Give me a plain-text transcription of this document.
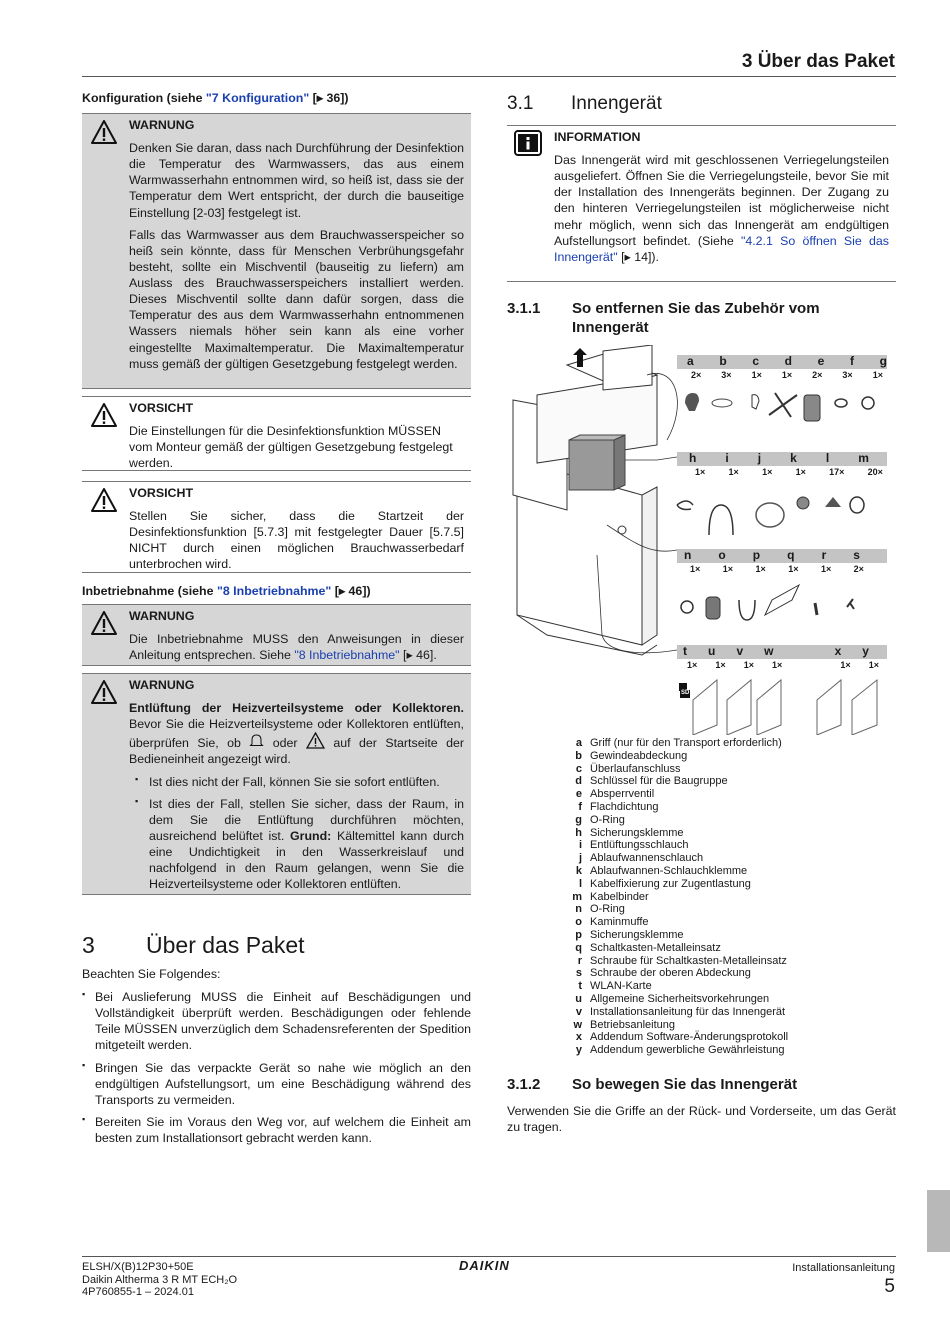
3 Über das Paket
Konfiguration (siehe "7 Konfiguration" [▸ 36])
WARNUNG

Denken Sie daran, dass nach Durchführung der Desinfektion die Temperatur des Warmwassers, das aus einem Warmwasserhahn entnommen wird, so heiß ist, dass sie der Temperatur dem Wert entspricht, der durch die bauseitige Einstellung [2-03] festgelegt ist.

Falls das Warmwasser aus dem Brauchwasserspeicher so heiß sein könnte, dass für Menschen Verbrühungsgefahr besteht, sollte ein Mischventil (bauseitig zu liefern) am Auslass des Brauchwasserspeichers installiert werden. Dieses Mischventil sollte dann dafür sorgen, dass die Temperatur des aus dem Warmwasserhahn entnommenen Wassers niemals höher sein kann als eine vorher eingestellte Maximaltemperatur. Die Maximaltemperatur muss gemäß der gültigen Gesetzgebung festgelegt werden.

VORSICHT

Die Einstellungen für die Desinfektionsfunktion MÜSSEN vom Monteur gemäß der gültigen Gesetzgebung festgelegt werden.

VORSICHT

Stellen Sie sicher, dass die Startzeit der Desinfektionsfunktion [5.7.3] mit festgelegter Dauer [5.7.5] NICHT durch einen möglichen Brauchwasserbedarf unterbrochen wird.

Inbetriebnahme (siehe "8 Inbetriebnahme" [▸ 46])
WARNUNG

Die Inbetriebnahme MUSS den Anweisungen in dieser Anleitung entsprechen. Siehe "8 Inbetriebnahme" [▸ 46].

WARNUNG

Entlüftung der Heizverteilsysteme oder Kollektoren. Bevor Sie die Heizverteilsysteme oder Kollektoren entlüften, überprüfen Sie, ob  oder  auf der Startseite der Bedieneinheit angezeigt wird.

▪ Ist dies nicht der Fall, können Sie sie sofort entlüften.
▪ Ist dies der Fall, stellen Sie sicher, dass der Raum, in dem Sie die Entlüftung durchführen möchten, ausreichend belüftet ist. Grund: Kältemittel kann durch eine Undichtigkeit in den Wasserkreislauf und nachfolgend in den Raum gelangen, wenn Sie die Heizverteilsysteme oder Kollektoren entlüften.
3 Über das Paket
Beachten Sie Folgendes:
▪ Bei Auslieferung MUSS die Einheit auf Beschädigungen und Vollständigkeit überprüft werden. Beschädigungen oder fehlende Teile MÜSSEN unverzüglich dem Schadensreferenten der Spedition mitgeteilt werden.
▪ Bringen Sie das verpackte Gerät so nahe wie möglich an den endgültigen Aufstellungsort, um eine Beschädigung während des Transports zu vermeiden.
▪ Bereiten Sie im Voraus den Weg vor, auf welchem die Einheit am besten zum Installationsort gebracht werden kann.
3.1 Innengerät
INFORMATION
Das Innengerät wird mit geschlossenen Verriegelungsteilen ausgeliefert. Öffnen Sie die Verriegelungsteile, bevor Sie mit der Installation des Innengeräts beginnen. Der Zugang zu den hinteren Verriegelungsteilen ist möglicherweise nicht mehr möglich, wenn sich das Innengerät am endgültigen Aufstellungsort befindet. (Siehe "4.2.1 So öffnen Sie das Innengerät" [▸ 14]).
3.1.1 So entfernen Sie das Zubehör vom Innengerät
a b c d e f g
2× 3× 1× 1× 2× 3× 1×
h i j k l m
1×	1×	1×	1×	17×	20×
n o p q r s
1× 1× 1× 1× 1× 2×
t u v w	x y
1× 1× 1× 1×	1× 1×
SD
a Griff (nur für den Transport erforderlich)
b Gewindeabdeckung
c Überlaufanschluss
d Schlüssel für die Baugruppe
e Absperrventil
f Flachdichtung
g O-Ring
h Sicherungsklemme
i Entlüftungsschlauch
j Ablaufwannenschlauch
k Ablaufwannen-Schlauchklemme
l Kabelfixierung zur Zugentlastung
m Kabelbinder
n O-Ring
o Kaminmuffe
p Sicherungsklemme
q Schaltkasten-Metalleinsatz
r Schraube für Schaltkasten-Metalleinsatz
s Schraube der oberen Abdeckung
t WLAN-Karte
u Allgemeine Sicherheitsvorkehrungen
v Installationsanleitung für das Innengerät
w Betriebsanleitung
x Addendum Software-Änderungsprotokoll
y Addendum gewerbliche Gewährleistung
3.1.2 So bewegen Sie das Innengerät
Verwenden Sie die Griffe an der Rück- und Vorderseite, um das Gerät zu tragen.
ELSH/X(B)12P30+50E
Daikin Altherma 3 R MT ECH₂O
4P760855-1 – 2024.01
DAIKIN	Installationsanleitung
5
